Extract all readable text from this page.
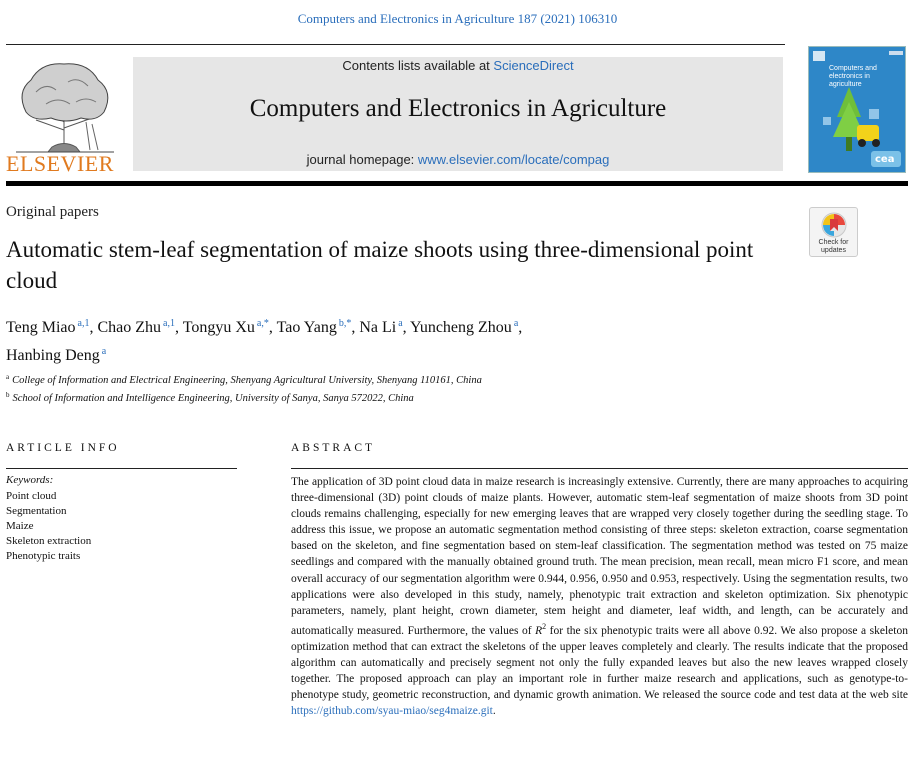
Computers and Electronics in Agriculture 187 (2021) 106310
ELSEVIER
Contents lists available at ScienceDirect
Computers and Electronics in Agriculture
journal homepage: www.elsevier.com/locate/compag
Computers and electronics in agriculture
cea
Original papers
Check for updates
Automatic stem-leaf segmentation of maize shoots using three-dimensional point cloud
Teng Miao $^{a,1}$, Chao Zhu $^{a,1}$, Tongyu Xu $^{a,*}$, Tao Yang $^{b,*}$, Na Li $^a$, Yuncheng Zhou $^a$,
Hanbing Deng $^a$
$^a$ College of Information and Electrical Engineering, Shenyang Agricultural University, Shenyang 110161, China
$^b$ School of Information and Intelligence Engineering, University of Sanya, Sanya 572022, China
ARTICLE INFO	ABSTRACT
Keywords:
Point cloud
Segmentation
Maize
Skeleton extraction
Phenotypic traits
The application of 3D point cloud data in maize research is increasingly extensive. Currently, there are many approaches to acquiring three-dimensional (3D) point clouds of maize plants. However, automatic stem-leaf segmentation of maize shoots from 3D point clouds remains challenging, especially for new emerging leaves that are wrapped very closely together during the seedling stage. To address this issue, we propose an automatic segmentation method consisting of three steps: skeleton extraction, coarse segmentation based on the skeleton, and fine segmentation based on stem-leaf classification. The segmentation method was tested on 75 maize seedlings and compared with the manually obtained ground truth. The mean precision, mean recall, mean micro F1 score, and mean overall accuracy of our segmentation algorithm were 0.944, 0.956, 0.950 and 0.953, respectively. Using the segmentation results, two applications were also developed in this study, namely, phenotypic trait extraction and skeleton optimization. Six phenotypic parameters, namely, plant height, crown diameter, stem height and diameter, leaf width, and length, can be accurately and automatically measured. Furthermore, the values of $R^2$ for the six phenotypic traits were all above 0.92. We also propose a skeleton optimization method that can extract the skeletons of the upper leaves completely and clearly. The results indicate that the proposed algorithm can automatically and precisely segment not only the fully expanded leaves but also the new leaves wrapped closely together. The proposed approach can play an important role in further maize research and applications, such as genotype-to-phenotype study, geometric reconstruction, and dynamic growth animation. We released the source code and test data at the web site https://github.com/syau-miao/seg4maize.git.
